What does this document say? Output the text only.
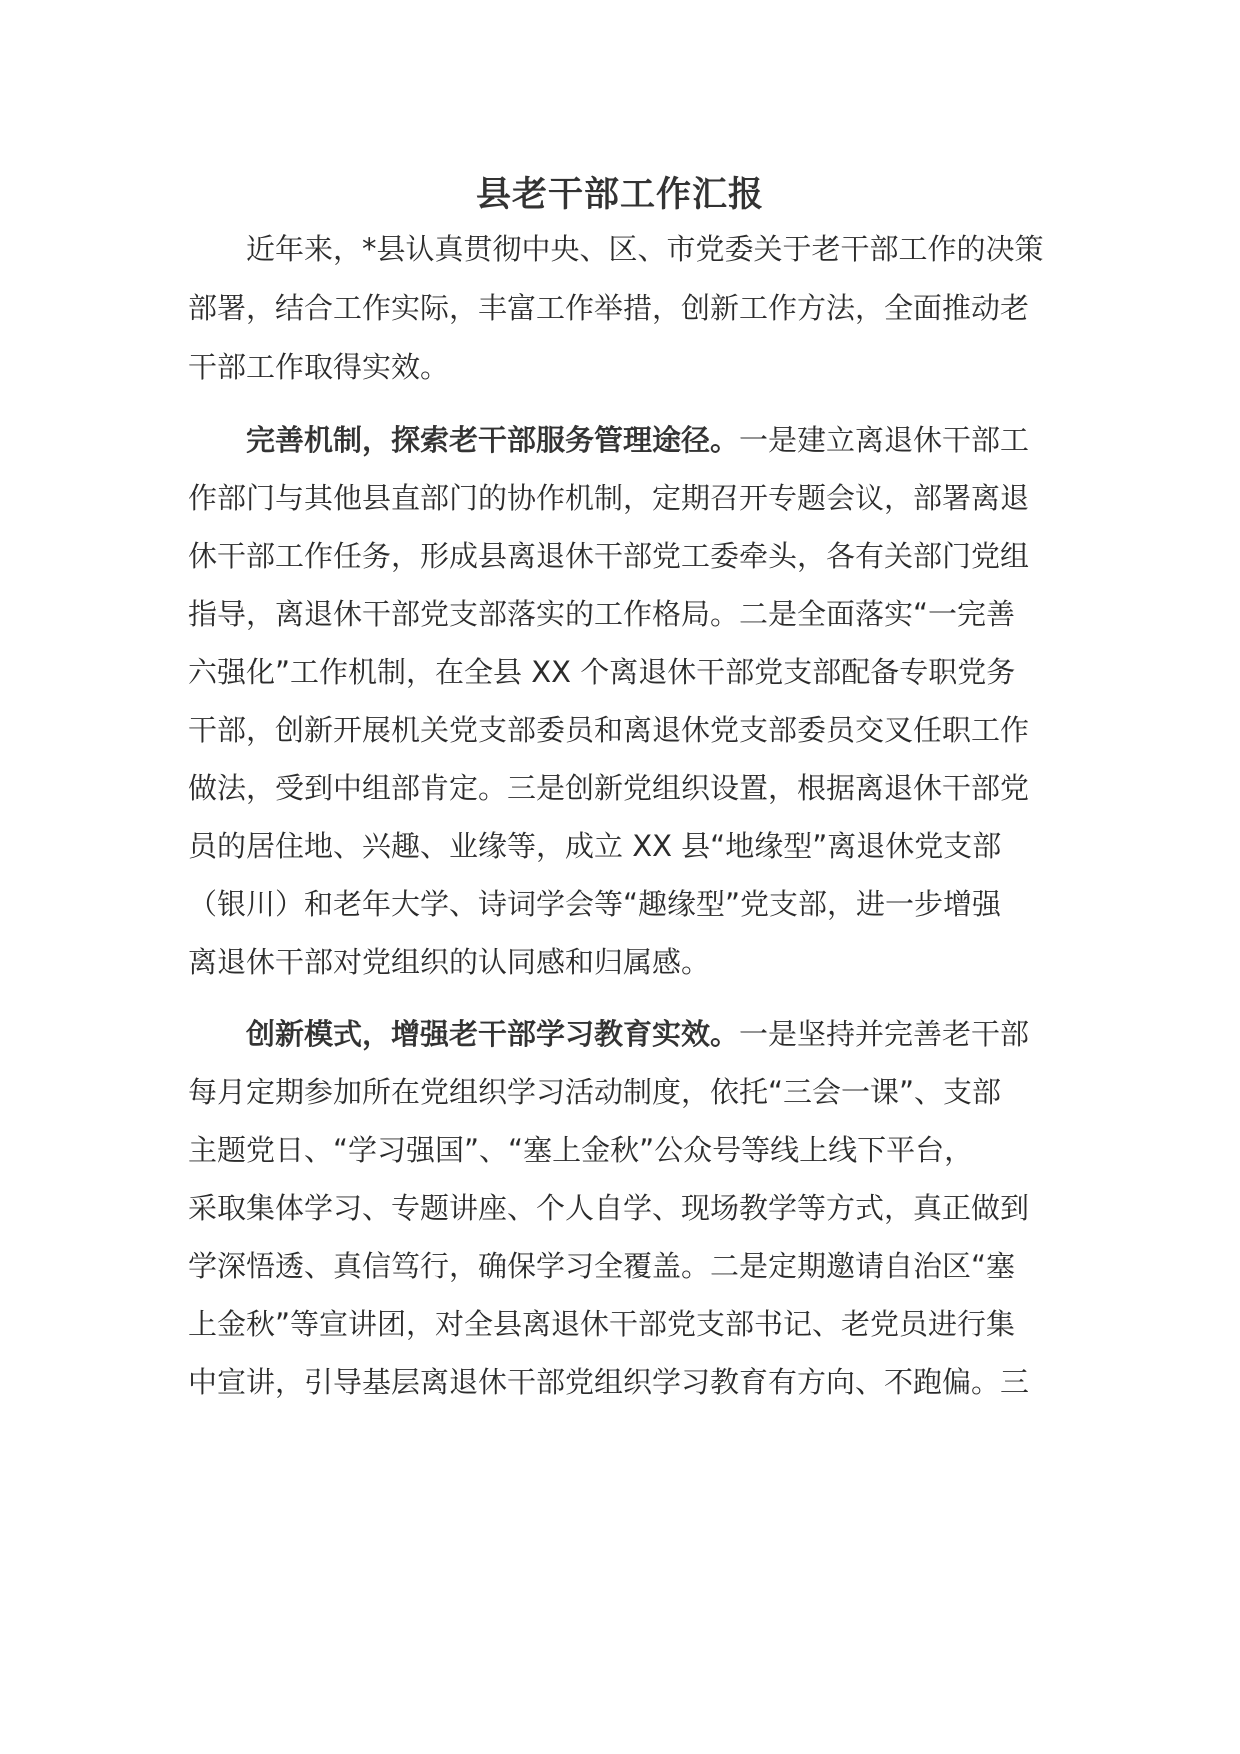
县老干部工作汇报

　　近年来，*县认真贯彻中央、区、市党委关于老干部工作的决策

部署，结合工作实际，丰富工作举措，创新工作方法，全面推动老

干部工作取得实效。

　　完善机制，探索老干部服务管理途径。一是建立离退休干部工

作部门与其他县直部门的协作机制，定期召开专题会议，部署离退

休干部工作任务，形成县离退休干部党工委牵头，各有关部门党组

指导，离退休干部党支部落实的工作格局。二是全面落实“一完善

六强化”工作机制，在全县 XX 个离退休干部党支部配备专职党务

干部，创新开展机关党支部委员和离退休党支部委员交叉任职工作

做法，受到中组部肯定。三是创新党组织设置，根据离退休干部党

员的居住地、兴趣、业缘等，成立 XX 县“地缘型”离退休党支部

（银川）和老年大学、诗词学会等“趣缘型”党支部，进一步增强

离退休干部对党组织的认同感和归属感。

　　创新模式，增强老干部学习教育实效。一是坚持并完善老干部

每月定期参加所在党组织学习活动制度，依托“三会一课”、支部

主题党日、“学习强国”、“塞上金秋”公众号等线上线下平台，

采取集体学习、专题讲座、个人自学、现场教学等方式，真正做到

学深悟透、真信笃行，确保学习全覆盖。二是定期邀请自治区“塞

上金秋”等宣讲团，对全县离退休干部党支部书记、老党员进行集

中宣讲，引导基层离退休干部党组织学习教育有方向、不跑偏。三
